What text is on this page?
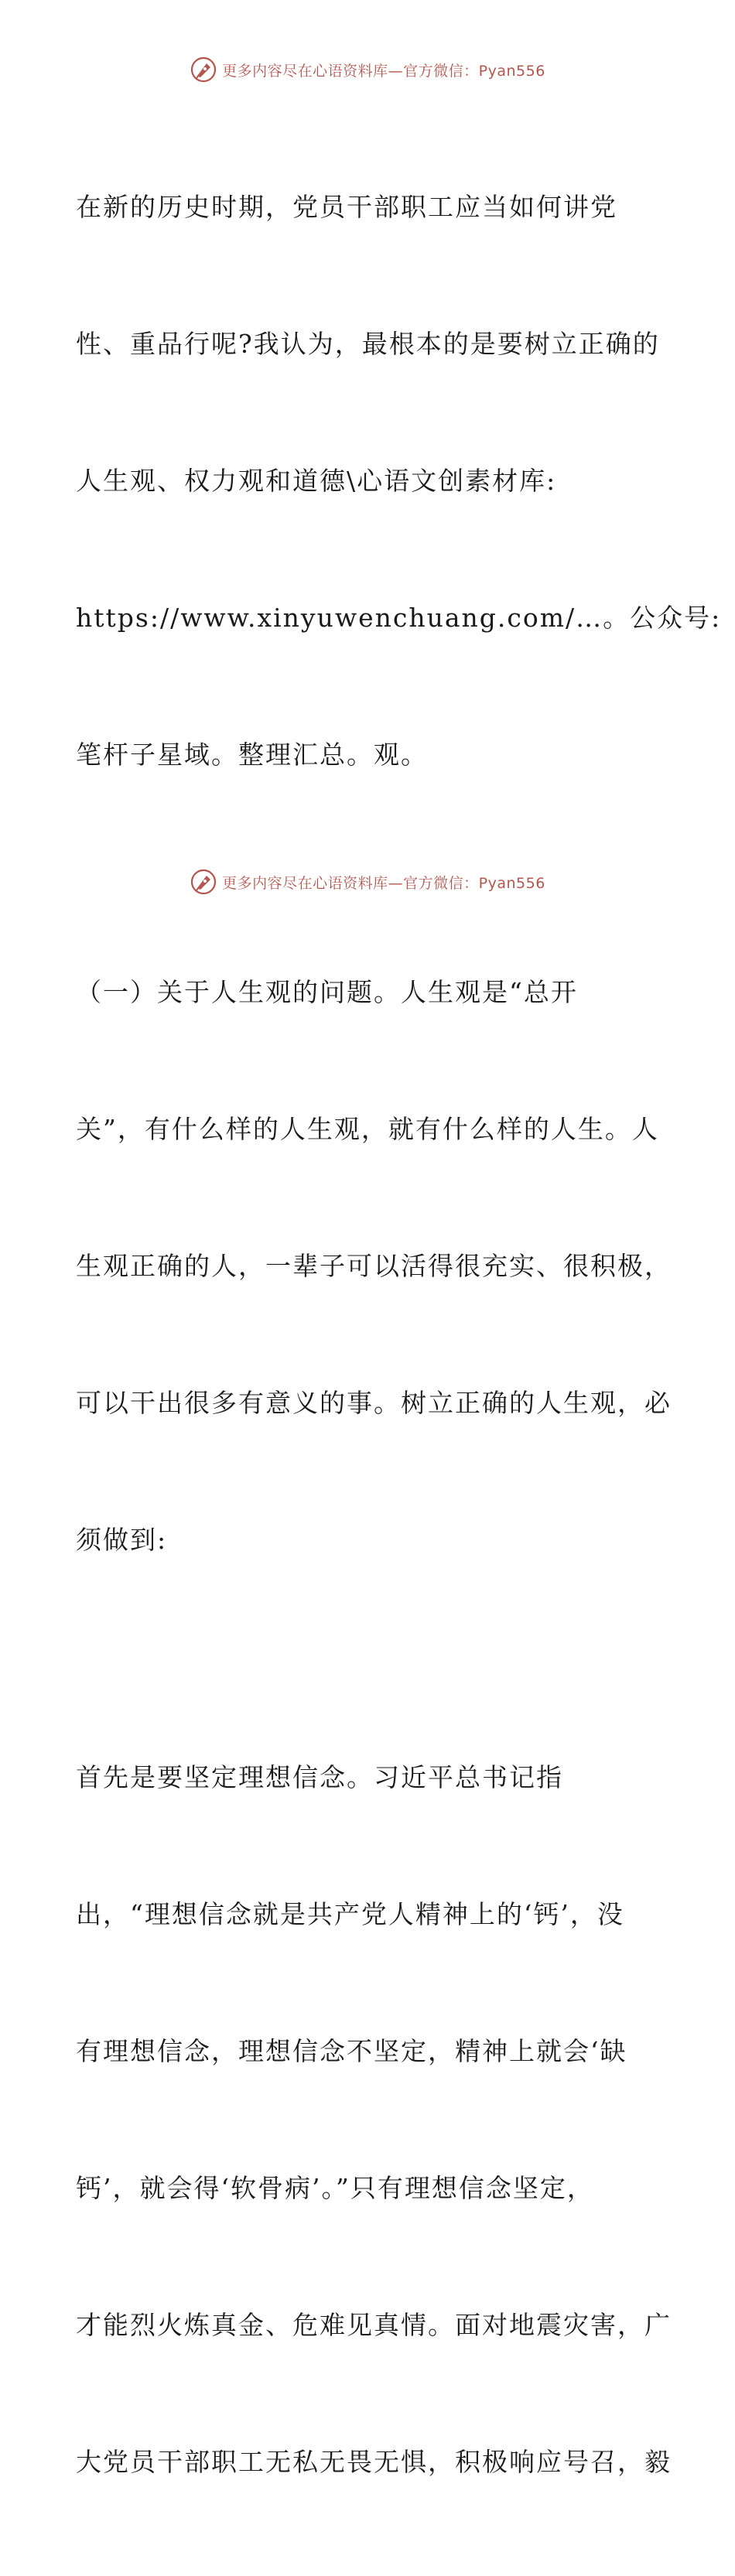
更多内容尽在心语资料库—官方微信：Pyan556

在新的历史时期，党员干部职工应当如何讲党

性、重品行呢?我认为，最根本的是要树立正确的

人生观、权力观和道德\心语文创素材库:

https://www.xinyuwenchuang.com/…。公众号:

笔杆子星域。整理汇总。观。

（一）关于人生观的问题。人生观是“总开

关”，有什么样的人生观，就有什么样的人生。人

生观正确的人，一辈子可以活得很充实、很积极，

可以干出很多有意义的事。树立正确的人生观，必

须做到:

首先是要坚定理想信念。习近平总书记指

出，“理想信念就是共产党人精神上的‘钙’，没

有理想信念，理想信念不坚定，精神上就会‘缺

钙’，就会得‘软骨病’。”只有理想信念坚定，

才能烈火炼真金、危难见真情。面对地震灾害，广

大党员干部职工无私无畏无惧，积极响应号召，毅

更多内容尽在心语资料库—官方微信：Pyan556
